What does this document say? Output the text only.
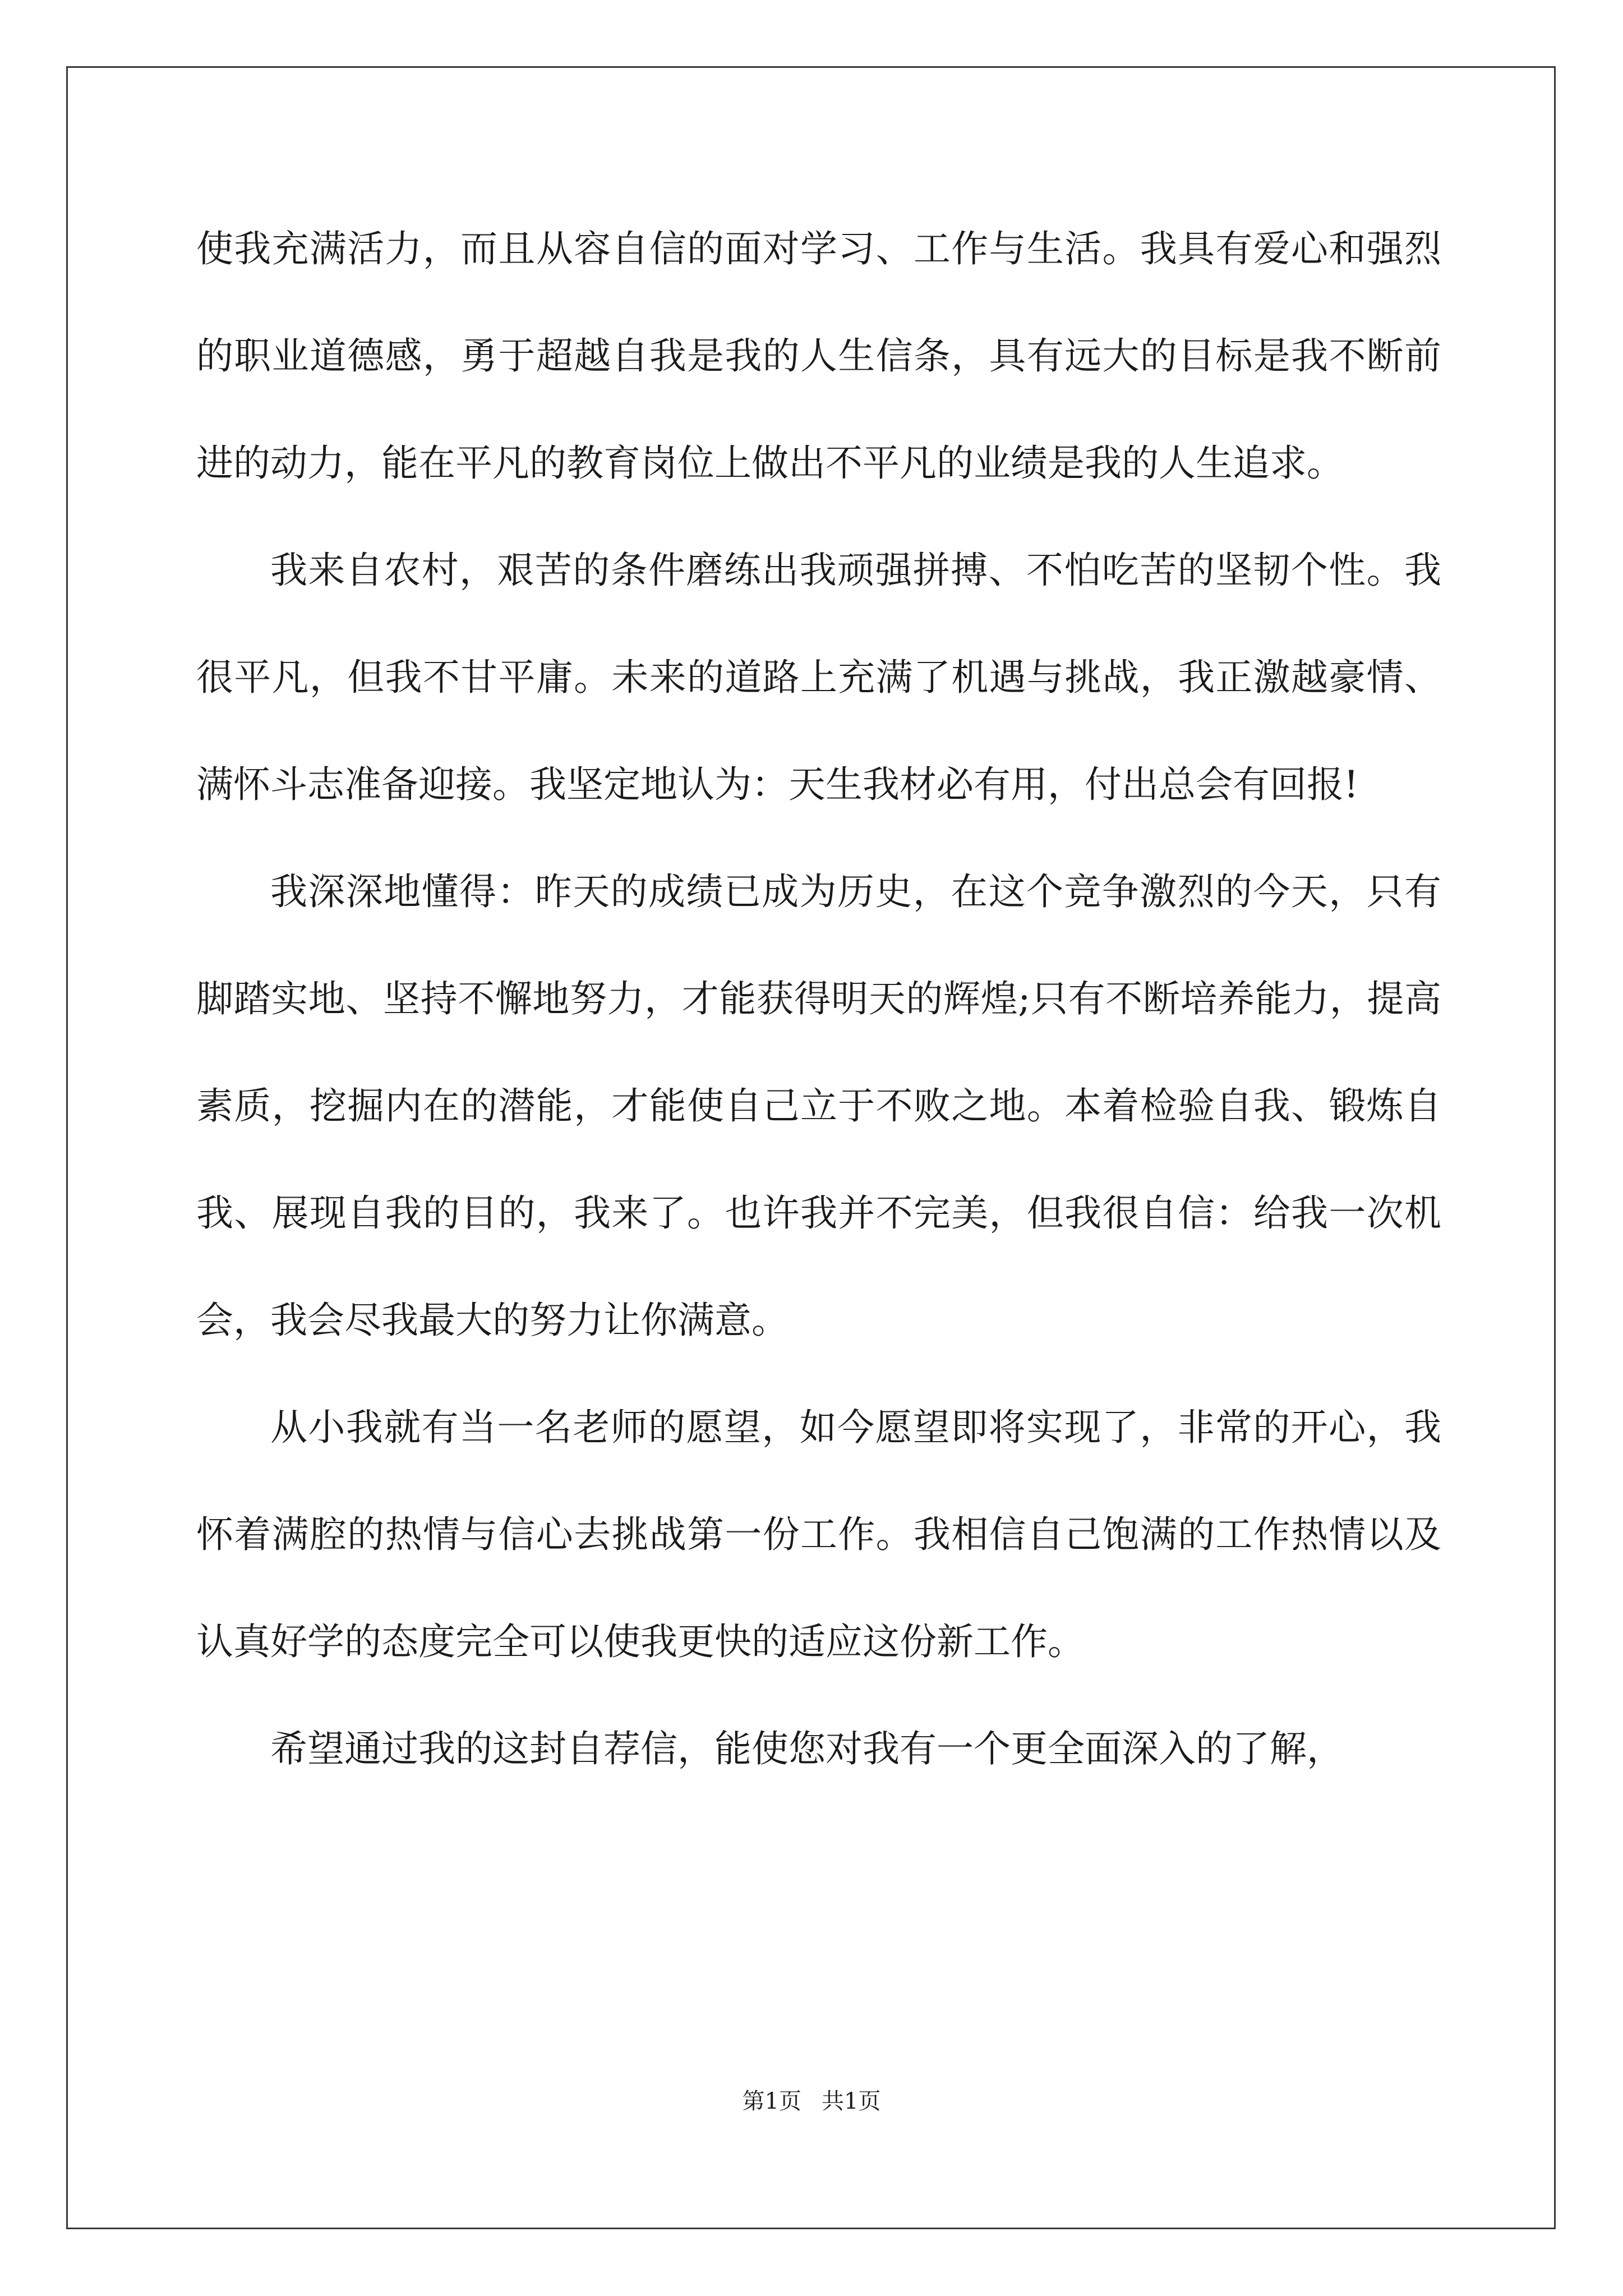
使我充满活力，而且从容自信的面对学习、工作与生活。我具有爱心和强烈的职业道德感，勇于超越自我是我的人生信条，具有远大的目标是我不断前进的动力，能在平凡的教育岗位上做出不平凡的业绩是我的人生追求。

我来自农村，艰苦的条件磨练出我顽强拼搏、不怕吃苦的坚韧个性。我很平凡，但我不甘平庸。未来的道路上充满了机遇与挑战，我正激越豪情、满怀斗志准备迎接。我坚定地认为：天生我材必有用，付出总会有回报!

我深深地懂得：昨天的成绩已成为历史，在这个竞争激烈的今天，只有脚踏实地、坚持不懈地努力，才能获得明天的辉煌;只有不断培养能力，提高素质，挖掘内在的潜能，才能使自己立于不败之地。本着检验自我、锻炼自我、展现自我的目的，我来了。也许我并不完美，但我很自信：给我一次机会，我会尽我最大的努力让你满意。

从小我就有当一名老师的愿望，如今愿望即将实现了，非常的开心，我怀着满腔的热情与信心去挑战第一份工作。我相信自己饱满的工作热情以及认真好学的态度完全可以使我更快的适应这份新工作。

希望通过我的这封自荐信，能使您对我有一个更全面深入的了解，

第1页 共1页
